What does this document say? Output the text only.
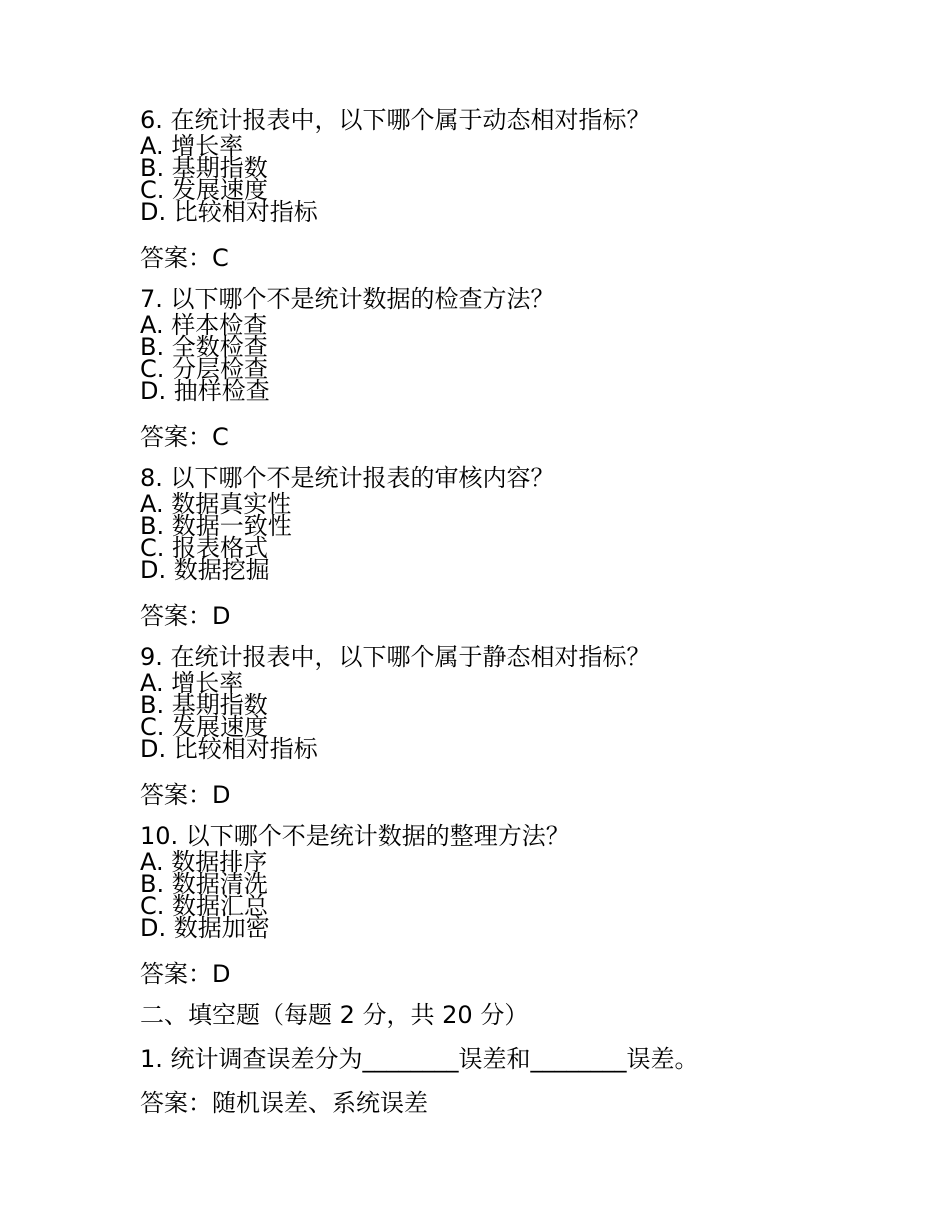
6. 在统计报表中，以下哪个属于动态相对指标？
A. 增长率
B. 基期指数
C. 发展速度
D. 比较相对指标
答案：C
7. 以下哪个不是统计数据的检查方法？
A. 样本检查
B. 全数检查
C. 分层检查
D. 抽样检查
答案：C
8. 以下哪个不是统计报表的审核内容？
A. 数据真实性
B. 数据一致性
C. 报表格式
D. 数据挖掘
答案：D
9. 在统计报表中，以下哪个属于静态相对指标？
A. 增长率
B. 基期指数
C. 发展速度
D. 比较相对指标
答案：D
10. 以下哪个不是统计数据的整理方法？
A. 数据排序
B. 数据清洗
C. 数据汇总
D. 数据加密
答案：D
二、填空题（每题 2 分，共 20 分）
1. 统计调查误差分为________误差和________误差。
答案：随机误差、系统误差
